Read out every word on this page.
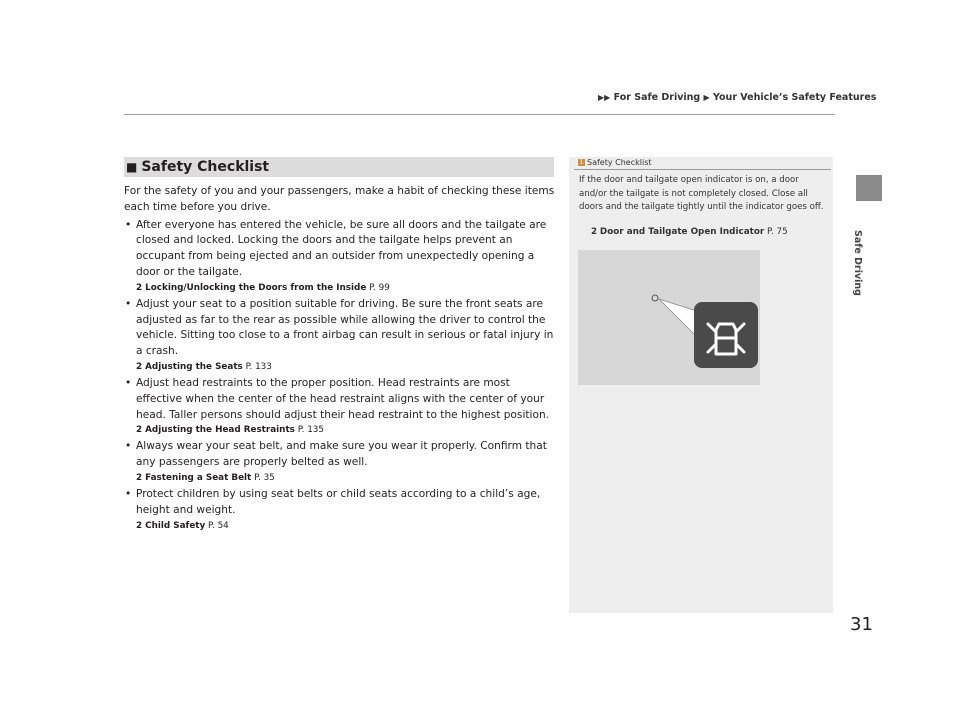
▶▶ For Safe Driving ▶ Your Vehicle’s Safety Features
Safe Driving
■ Safety Checklist

For the safety of you and your passengers, make a habit of checking these items each time before you drive.

• After everyone has entered the vehicle, be sure all doors and the tailgate are closed and locked. Locking the doors and the tailgate helps prevent an occupant from being ejected and an outsider from unexpectedly opening a door or the tailgate.
2 Locking/Unlocking the Doors from the Inside P. 99
• Adjust your seat to a position suitable for driving. Be sure the front seats are adjusted as far to the rear as possible while allowing the driver to control the vehicle. Sitting too close to a front airbag can result in serious or fatal injury in a crash.
2 Adjusting the Seats P. 133
• Adjust head restraints to the proper position. Head restraints are most effective when the center of the head restraint aligns with the center of your head. Taller persons should adjust their head restraint to the highest position.
2 Adjusting the Head Restraints P. 135
• Always wear your seat belt, and make sure you wear it properly. Confirm that any passengers are properly belted as well.
2 Fastening a Seat Belt P. 35
• Protect children by using seat belts or child seats according to a child’s age, height and weight.
2 Child Safety P. 54
1 Safety Checklist
If the door and tailgate open indicator is on, a door and/or the tailgate is not completely closed. Close all doors and the tailgate tightly until the indicator goes off.
2 Door and Tailgate Open Indicator P. 75
31
